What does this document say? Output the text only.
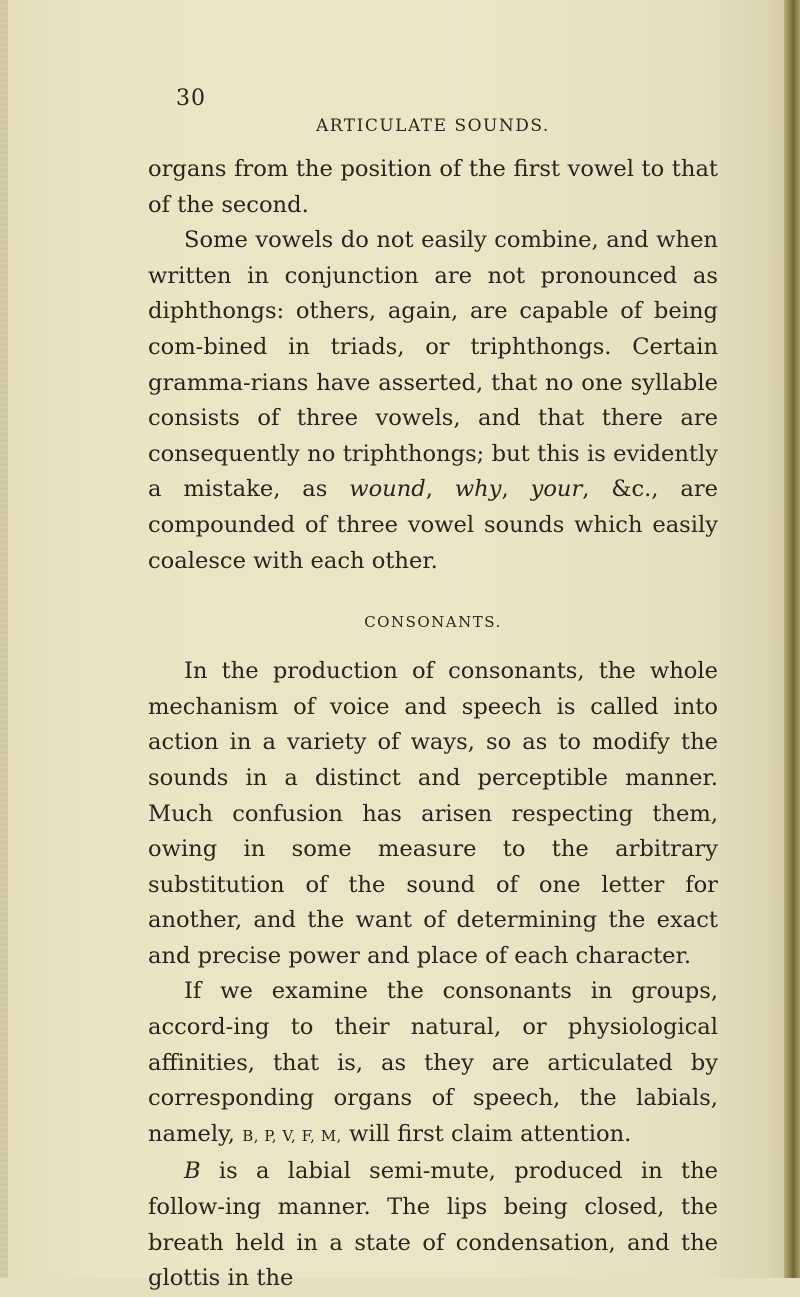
30
ARTICULATE SOUNDS.

organs from the position of the first vowel to that of the second.

Some vowels do not easily combine, and when written in conjunction are not pronounced as diphthongs: others, again, are capable of being com-bined in triads, or triphthongs. Certain gramma-rians have asserted, that no one syllable consists of three vowels, and that there are consequently no triphthongs; but this is evidently a mistake, as wound, why, your, &c., are compounded of three vowel sounds which easily coalesce with each other.

CONSONANTS.

In the production of consonants, the whole mechanism of voice and speech is called into action in a variety of ways, so as to modify the sounds in a distinct and perceptible manner. Much confusion has arisen respecting them, owing in some measure to the arbitrary substitution of the sound of one letter for another, and the want of determining the exact and precise power and place of each character.

If we examine the consonants in groups, accord-ing to their natural, or physiological affinities, that is, as they are articulated by corresponding organs of speech, the labials, namely, B, P, V, F, M, will first claim attention.

B is a labial semi-mute, produced in the follow-ing manner. The lips being closed, the breath held in a state of condensation, and the glottis in the
